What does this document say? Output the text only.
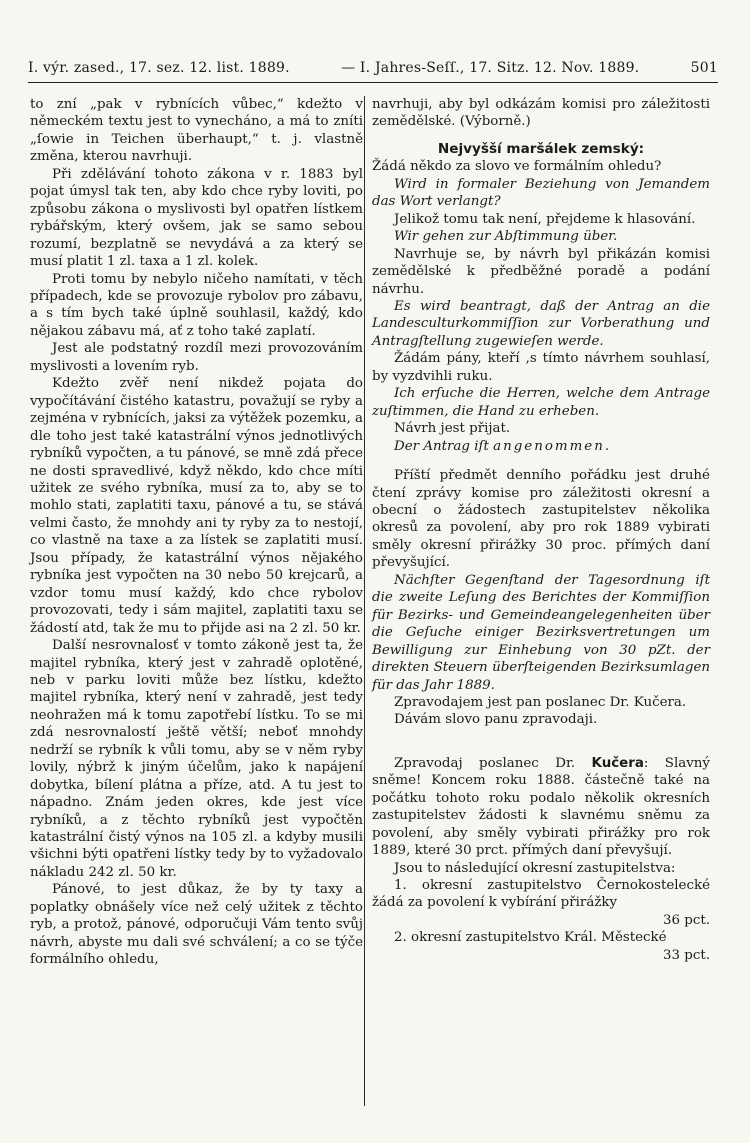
I. výr. zased., 17. sez. 12. list. 1889.	— I. Jahres-Seſſ., 17. Sitz. 12. Nov. 1889.	501

to zní „pak v rybnících vůbec,“ kdežto v německém textu jest to vynecháno, a má to zníti „ſowie in Teichen überhaupt,“ t. j. vlastně změna, kterou navrhuji.

Při zdělávání tohoto zákona v r. 1883 byl pojat úmysl tak ten, aby kdo chce ryby loviti, po způsobu zákona o myslivosti byl opatřen lístkem rybářským, který ovšem, jak se samo sebou rozumí, bezplatně se nevydává a za který se musí platit 1 zl. taxa a 1 zl. kolek.

Proti tomu by nebylo ničeho namítati, v těch případech, kde se provozuje rybolov pro zábavu, a s tím bych také úplně souhlasil, každý, kdo nějakou zábavu má, ať z toho také zaplatí.

Jest ale podstatný rozdíl mezi provozováním myslivosti a lovením ryb.

Kdežto zvěř není nikdež pojata do vypočítávání čistého katastru, považují se ryby a zejména v rybnících, jaksi za výtěžek pozemku, a dle toho jest také katastrální výnos jednotlivých rybníků vypočten, a tu pánové, se mně zdá přece ne dosti spravedlivé, když někdo, kdo chce míti užitek ze svého rybníka, musí za to, aby se to mohlo stati, zaplatiti taxu, pánové a tu, se stává velmi často, že mnohdy ani ty ryby za to nestojí, co vlastně na taxe a za lístek se zaplatiti musí. Jsou případy, že katastrální výnos nějakého rybníka jest vypočten na 30 nebo 50 krejcarů, a vzdor tomu musí každý, kdo chce rybolov provozovati, tedy i sám majitel, zaplatiti taxu se žádostí atd, tak že mu to přijde asi na 2 zl. 50 kr.

Další nesrovnalosť v tomto zákoně jest ta, že majitel rybníka, který jest v zahradě oplotěné, neb v parku loviti může bez lístku, kdežto majitel rybníka, který není v zahradě, jest tedy neohražen má k tomu zapotřebí lístku. To se mi zdá nesrovnalostí ještě větší; neboť mnohdy nedrží se rybník k vůli tomu, aby se v něm ryby lovily, nýbrž k jiným účelům, jako k napájení dobytka, bílení plátna a příze, atd. A tu jest to nápadno. Znám jeden okres, kde jest více rybníků, a z těchto rybníků jest vypočtěn katastrální čistý výnos na 105 zl. a kdyby musili všichni býti opatřeni lístky tedy by to vyžadovalo nákladu 242 zl. 50 kr.

Pánové, to jest důkaz, že by ty taxy a poplatky obnášely více než celý užitek z těchto ryb, a protož, pánové, odporučuji Vám tento svůj návrh, abyste mu dali své schválení; a co se týče formálního ohledu,

navrhuji, aby byl odkázám komisi pro záležitosti zemědělské. (Výborně.)

Nejvyšší maršálek zemský:

Žádá někdo za slovo ve formálním ohledu?

Wird in formaler Beziehung von Jemandem das Wort verlangt?

Jelikož tomu tak není, přejdeme k hlasování.

Wir gehen zur Abſtimmung über.

Navrhuje se, by návrh byl přikázán komisi zemědělské k předběžné poradě a podání návrhu.

Es wird beantragt, daß der Antrag an die Landesculturkommiſſion zur Vorberathung und Antragſtellung zugewieſen werde.

Žádám pány, kteří ,s tímto návrhem souhlasí, by vyzdvihli ruku.

Ich erſuche die Herren, welche dem Antrage zuſtimmen, die Hand zu erheben.

Návrh jest přijat.

Der Antrag iſt angenommen.

Příští předmět denního pořádku jest druhé čtení zprávy komise pro záležitosti okresní a obecní o žádostech zastupitelstev několika okresů za povolení, aby pro rok 1889 vybirati směly okresní přirážky 30 proc. přímých daní převyšující.

Nächſter Gegenſtand der Tagesordnung iſt die zweite Leſung des Berichtes der Kommiſſion für Bezirks- und Gemeindeangelegenheiten über die Geſuche einiger Bezirksvertretungen um Bewilligung zur Einhebung von 30 pZt. der direkten Steuern überſteigenden Bezirksumlagen für das Jahr 1889.

Zpravodajem jest pan poslanec Dr. Kučera.

Dávám slovo panu zpravodaji.

Zpravodaj poslanec Dr. Kučera: Slavný sněme! Koncem roku 1888. částečně také na počátku tohoto roku podalo několik okresních zastupitelstev žádosti k slavnému sněmu za povolení, aby směly vybirati přirážky pro rok 1889, které 30 prct. přímých daní převyšují.

Jsou to následující okresní zastupitelstva:

1. okresní zastupitelstvo Černokostelecké žádá za povolení k vybírání přirážky

36 pct.

2. okresní zastupitelstvo Král. Městecké

33 pct.
